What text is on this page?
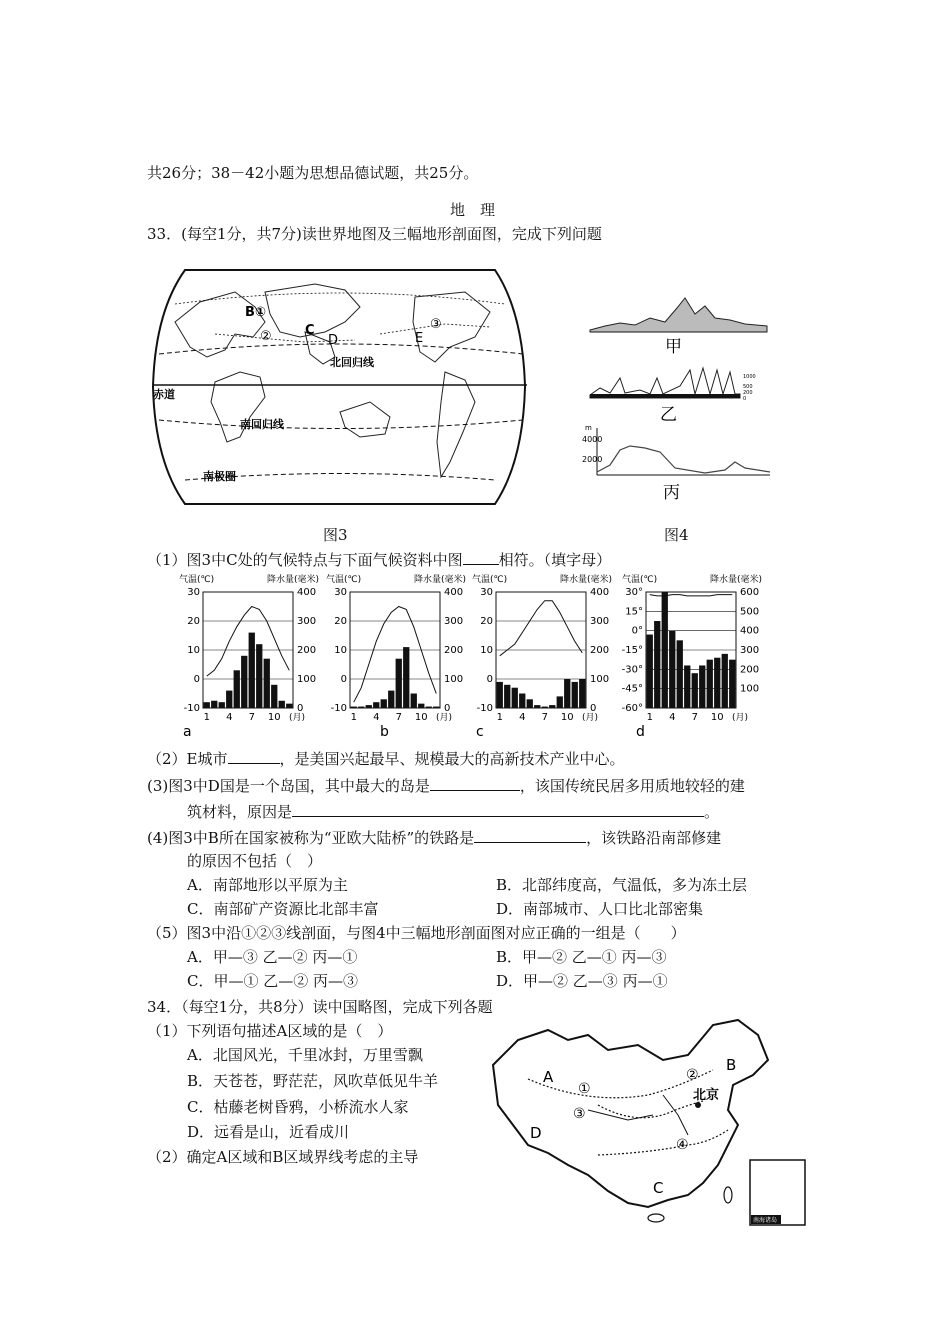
共26分；38－42小题为思想品德试题，共25分。
地　理
33．(每空1分，共7分)读世界地图及三幅地形剖面图，完成下列问题
B①
C
②	D	E
③
北回归线
赤道
南回归线
南极圈
甲
1000
500
200
0
乙
m
4000
2000
丙
图3	图4
（1）图3中C处的气候特点与下面气候资料中图 相符。（填字母）
气温(℃)	降水量(毫米)
30
20
10
0
-10
400
300
200
100
0
1 4 7 10 (月)
a
气温(℃)	降水量(毫米)
30
20
10
0
-10
400
300
200
100
0
1 4 7 10 (月)
b
气温(℃)	降水量(毫米)
30
20
10
0
-10
400
300
200
100
0
1 4 7 10 (月)
c
气温(℃)	降水量(毫米)
30°
15°
0°
-15°
-30°
-45°
-60°
600
500
400
300
200
100
1 4 7 10 (月)
d
（2）E城市	，是美国兴起最早、规模最大的高新技术产业中心。
(3)图3中D国是一个岛国，其中最大的岛是	，该国传统民居多用质地较轻的建
筑材料，原因是	。
(4)图3中B所在国家被称为“亚欧大陆桥”的铁路是	，该铁路沿南部修建
的原因不包括（　）
A．南部地形以平原为主	B．北部纬度高，气温低，多为冻土层
C．南部矿产资源比北部丰富	D．南部城市、人口比北部密集
（5）图3中沿①②③线剖面，与图4中三幅地形剖面图对应正确的一组是（　　）
A．甲—③ 乙—② 丙—①	B．甲—② 乙—① 丙—③
C．甲—① 乙—② 丙—③	D．甲—② 乙—③ 丙—①
34．（每空1分，共8分）读中国略图，完成下列各题
（1）下列语句描述A区域的是（　）
A．北国风光，千里冰封，万里雪飘
B．天苍苍，野茫茫，风吹草低见牛羊
C．枯藤老树昏鸦，小桥流水人家
D．远看是山，近看成川
（2）确定A区域和B区域界线考虑的主导
南海诸岛
A
B
C
D
①
②
③
④
北京
